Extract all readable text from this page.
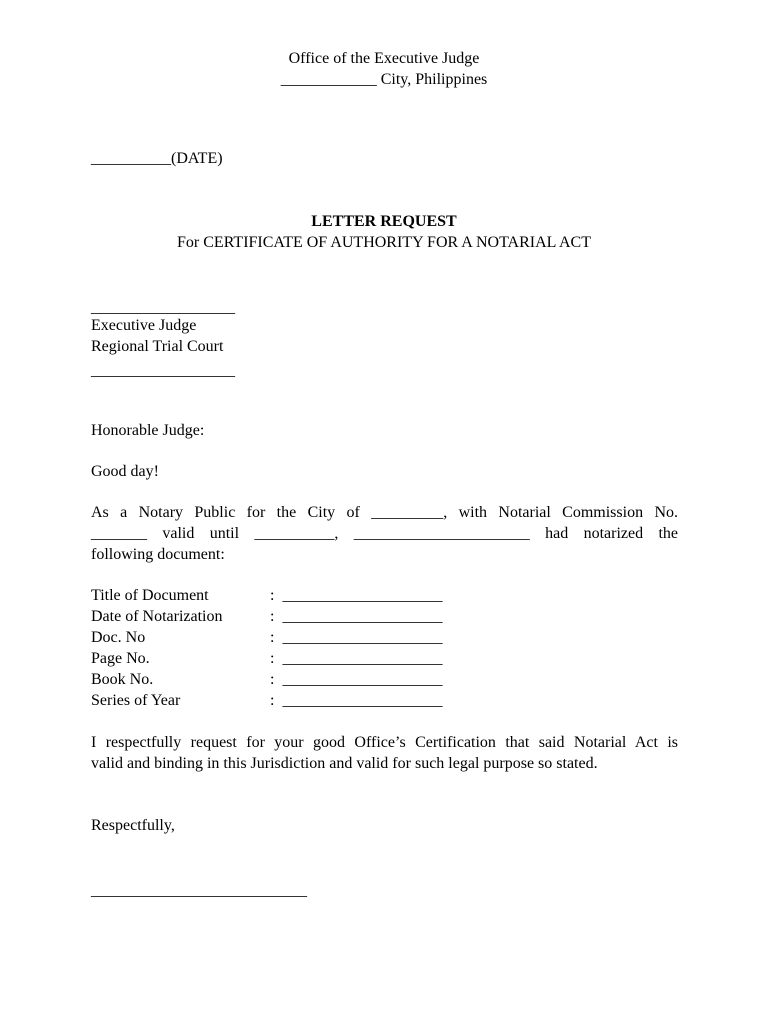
Office of the Executive Judge
____________ City, Philippines
__________(DATE)
LETTER REQUEST
For CERTIFICATE OF AUTHORITY FOR A NOTARIAL ACT
__________________
Executive Judge
Regional Trial Court
__________________
Honorable Judge:
Good day!
As a Notary Public for the City of _________, with Notarial Commission No.
_______ valid until __________, ______________________ had notarized the
following document:
Title of Document	:  ____________________
Date of Notarization	:  ____________________
Doc. No	:  ____________________
Page No.	:  ____________________
Book No.	:  ____________________
Series of Year	:  ____________________
I respectfully request for your good Office’s Certification that said Notarial Act is
valid and binding in this Jurisdiction and valid for such legal purpose so stated.
Respectfully,
___________________________
